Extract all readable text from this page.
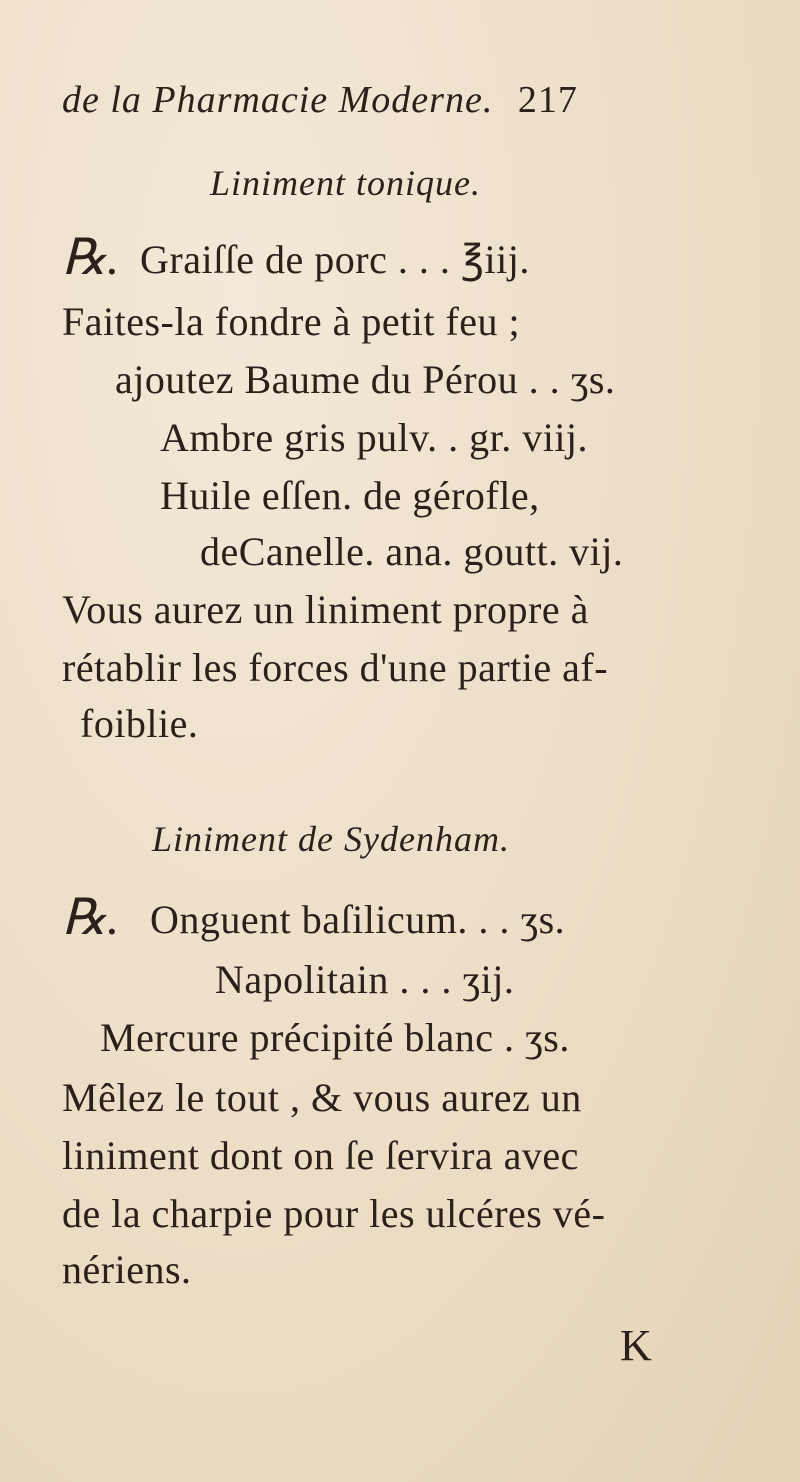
de la Pharmacie Moderne. 217
Liniment tonique.
℞. Graiſſe de porc . . . ℥iij.
Faites-la fondre à petit feu ;
ajoutez Baume du Pérou . . ʒs.
Ambre gris pulv. . gr. viij.
Huile eſſen. de gérofle,
deCanelle. ana. goutt. vij.
Vous aurez un liniment propre à
rétablir les forces d'une partie af-
foiblie.
Liniment de Sydenham.
℞. Onguent baſilicum. . . ʒs.
Napolitain . . . ʒij.
Mercure précipité blanc . ʒs.
Mêlez le tout , & vous aurez un
liniment dont on ſe ſervira avec
de la charpie pour les ulcéres vé-
nériens.
K
